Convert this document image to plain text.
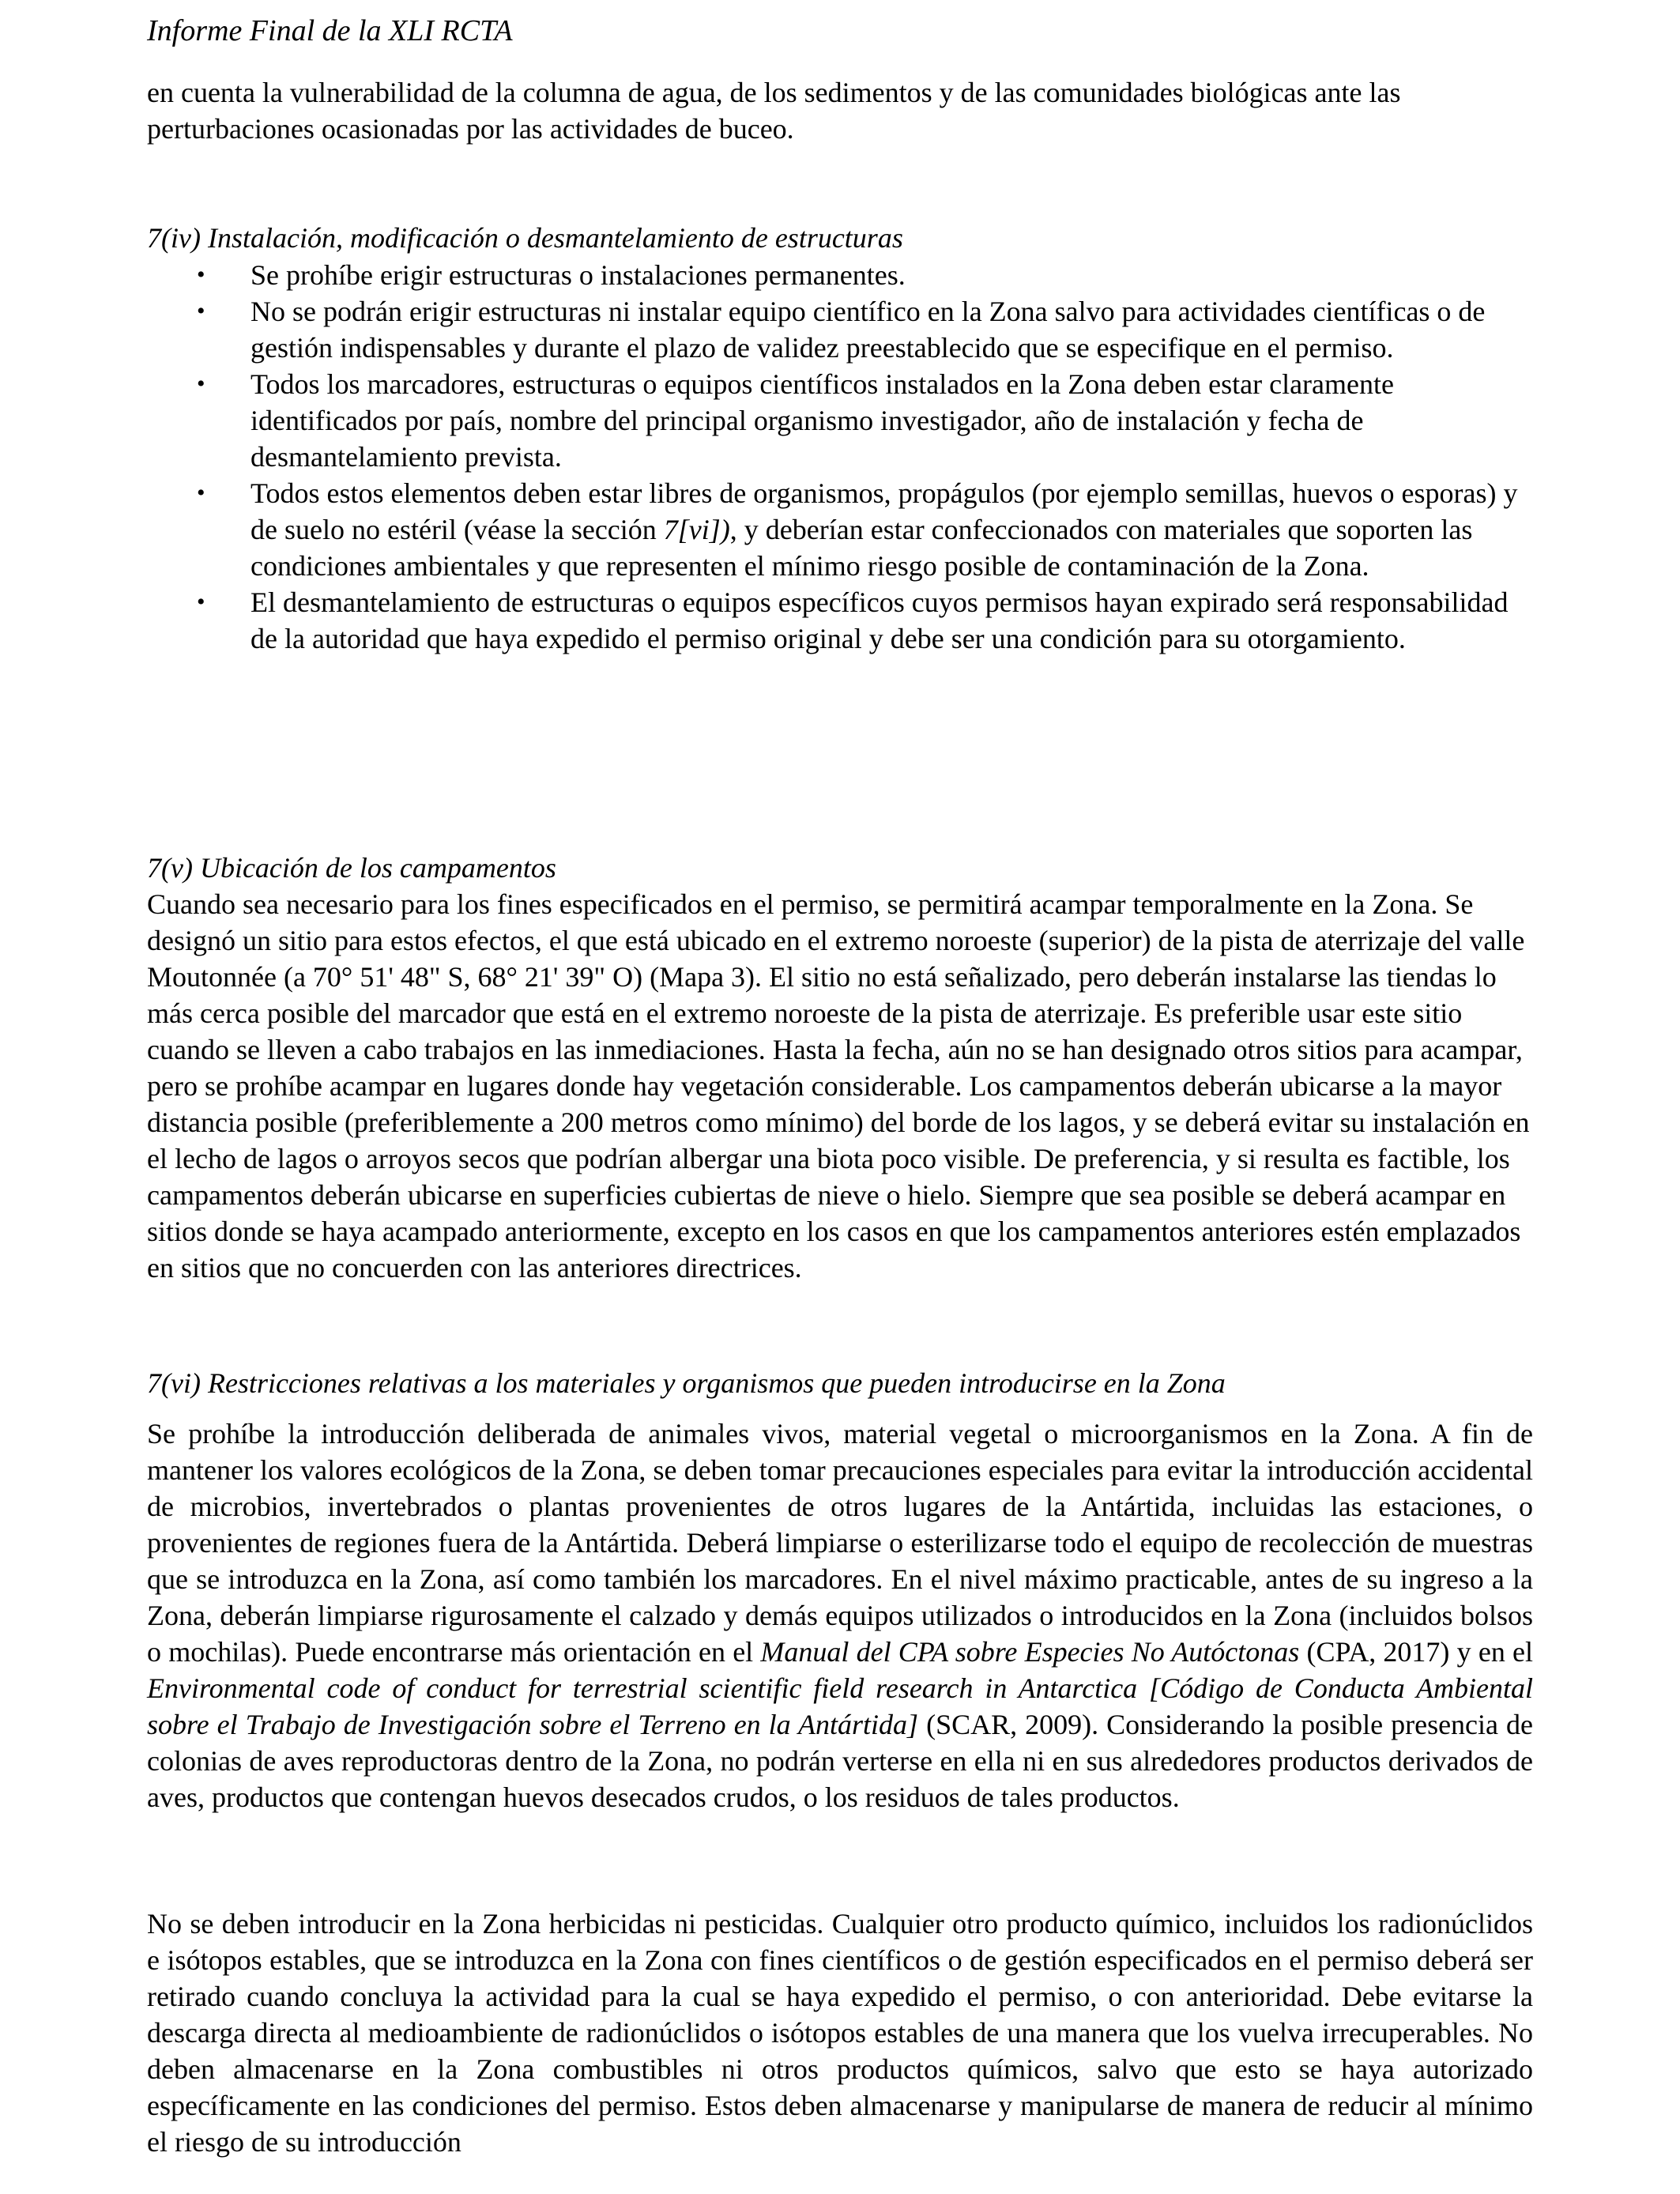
Informe Final de la XLI RCTA

en cuenta la vulnerabilidad de la columna de agua, de los sedimentos y de las comunidades biológicas ante las perturbaciones ocasionadas por las actividades de buceo.

7(iv) Instalación, modificación o desmantelamiento de estructuras
• Se prohíbe erigir estructuras o instalaciones permanentes.
• No se podrán erigir estructuras ni instalar equipo científico en la Zona salvo para actividades científicas o de gestión indispensables y durante el plazo de validez preestablecido que se especifique en el permiso.
• Todos los marcadores, estructuras o equipos científicos instalados en la Zona deben estar claramente identificados por país, nombre del principal organismo investigador, año de instalación y fecha de desmantelamiento prevista.
• Todos estos elementos deben estar libres de organismos, propágulos (por ejemplo semillas, huevos o esporas) y de suelo no estéril (véase la sección 7[vi]), y deberían estar confeccionados con materiales que soporten las condiciones ambientales y que representen el mínimo riesgo posible de contaminación de la Zona.
• El desmantelamiento de estructuras o equipos específicos cuyos permisos hayan expirado será responsabilidad de la autoridad que haya expedido el permiso original y debe ser una condición para su otorgamiento.
7(v) Ubicación de los campamentos

Cuando sea necesario para los fines especificados en el permiso, se permitirá acampar temporalmente en la Zona. Se designó un sitio para estos efectos, el que está ubicado en el extremo noroeste (superior) de la pista de aterrizaje del valle Moutonnée (a 70° 51' 48" S, 68° 21' 39" O) (Mapa 3). El sitio no está señalizado, pero deberán instalarse las tiendas lo más cerca posible del marcador que está en el extremo noroeste de la pista de aterrizaje. Es preferible usar este sitio cuando se lleven a cabo trabajos en las inmediaciones. Hasta la fecha, aún no se han designado otros sitios para acampar, pero se prohíbe acampar en lugares donde hay vegetación considerable. Los campamentos deberán ubicarse a la mayor distancia posible (preferiblemente a 200 metros como mínimo) del borde de los lagos, y se deberá evitar su instalación en el lecho de lagos o arroyos secos que podrían albergar una biota poco visible. De preferencia, y si resulta es factible, los campamentos deberán ubicarse en superficies cubiertas de nieve o hielo. Siempre que sea posible se deberá acampar en sitios donde se haya acampado anteriormente, excepto en los casos en que los campamentos anteriores estén emplazados en sitios que no concuerden con las anteriores directrices.

7(vi) Restricciones relativas a los materiales y organismos que pueden introducirse en la Zona

Se prohíbe la introducción deliberada de animales vivos, material vegetal o microorganismos en la Zona. A fin de mantener los valores ecológicos de la Zona, se deben tomar precauciones especiales para evitar la introducción accidental de microbios, invertebrados o plantas provenientes de otros lugares de la Antártida, incluidas las estaciones, o provenientes de regiones fuera de la Antártida. Deberá limpiarse o esterilizarse todo el equipo de recolección de muestras que se introduzca en la Zona, así como también los marcadores. En el nivel máximo practicable, antes de su ingreso a la Zona, deberán limpiarse rigurosamente el calzado y demás equipos utilizados o introducidos en la Zona (incluidos bolsos o mochilas). Puede encontrarse más orientación en el Manual del CPA sobre Especies No Autóctonas (CPA, 2017) y en el Environmental code of conduct for terrestrial scientific field research in Antarctica [Código de Conducta Ambiental sobre el Trabajo de Investigación sobre el Terreno en la Antártida] (SCAR, 2009). Considerando la posible presencia de colonias de aves reproductoras dentro de la Zona, no podrán verterse en ella ni en sus alrededores productos derivados de aves, productos que contengan huevos desecados crudos, o los residuos de tales productos.

No se deben introducir en la Zona herbicidas ni pesticidas. Cualquier otro producto químico, incluidos los radionúclidos e isótopos estables, que se introduzca en la Zona con fines científicos o de gestión especificados en el permiso deberá ser retirado cuando concluya la actividad para la cual se haya expedido el permiso, o con anterioridad. Debe evitarse la descarga directa al medioambiente de radionúclidos o isótopos estables de una manera que los vuelva irrecuperables. No deben almacenarse en la Zona combustibles ni otros productos químicos, salvo que esto se haya autorizado específicamente en las condiciones del permiso. Estos deben almacenarse y manipularse de manera de reducir al mínimo el riesgo de su introducción
